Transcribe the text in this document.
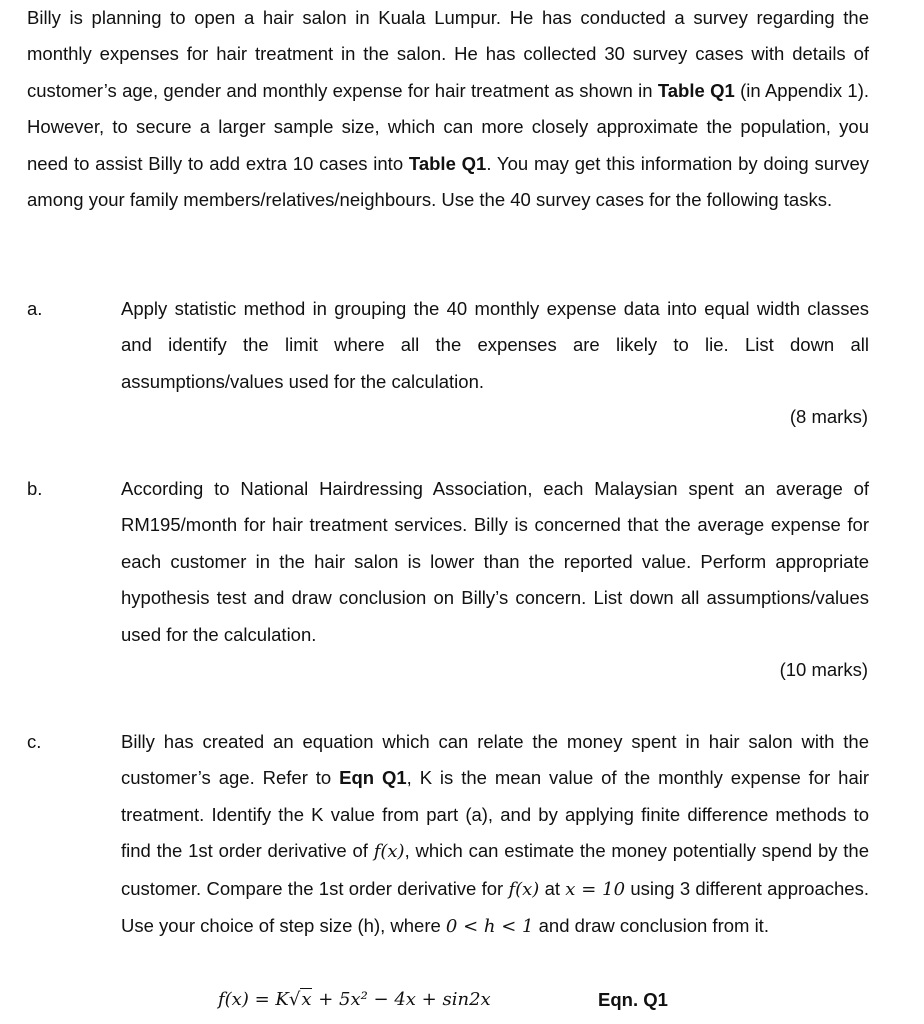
Billy is planning to open a hair salon in Kuala Lumpur. He has conducted a survey regarding the monthly expenses for hair treatment in the salon. He has collected 30 survey cases with details of customer’s age, gender and monthly expense for hair treatment as shown in Table Q1 (in Appendix 1). However, to secure a larger sample size, which can more closely approximate the population, you need to assist Billy to add extra 10 cases into Table Q1. You may get this information by doing survey among your family members/relatives/neighbours. Use the 40 survey cases for the following tasks.
a.	Apply statistic method in grouping the 40 monthly expense data into equal width classes and identify the limit where all the expenses are likely to lie. List down all assumptions/values used for the calculation.
(8 marks)
b.	According to National Hairdressing Association, each Malaysian spent an average of RM195/month for hair treatment services. Billy is concerned that the average expense for each customer in the hair salon is lower than the reported value. Perform appropriate hypothesis test and draw conclusion on Billy’s concern. List down all assumptions/values used for the calculation.
(10 marks)
c.	Billy has created an equation which can relate the money spent in hair salon with the customer’s age. Refer to Eqn Q1, K is the mean value of the monthly expense for hair treatment. Identify the K value from part (a), and by applying finite difference methods to find the 1st order derivative of f(x), which can estimate the money potentially spend by the customer. Compare the 1st order derivative for f(x) at x = 10 using 3 different approaches. Use your choice of step size (h), where 0 < h < 1 and draw conclusion from it.
f(x) = K√x + 5x² − 4x + sin2x	Eqn. Q1
